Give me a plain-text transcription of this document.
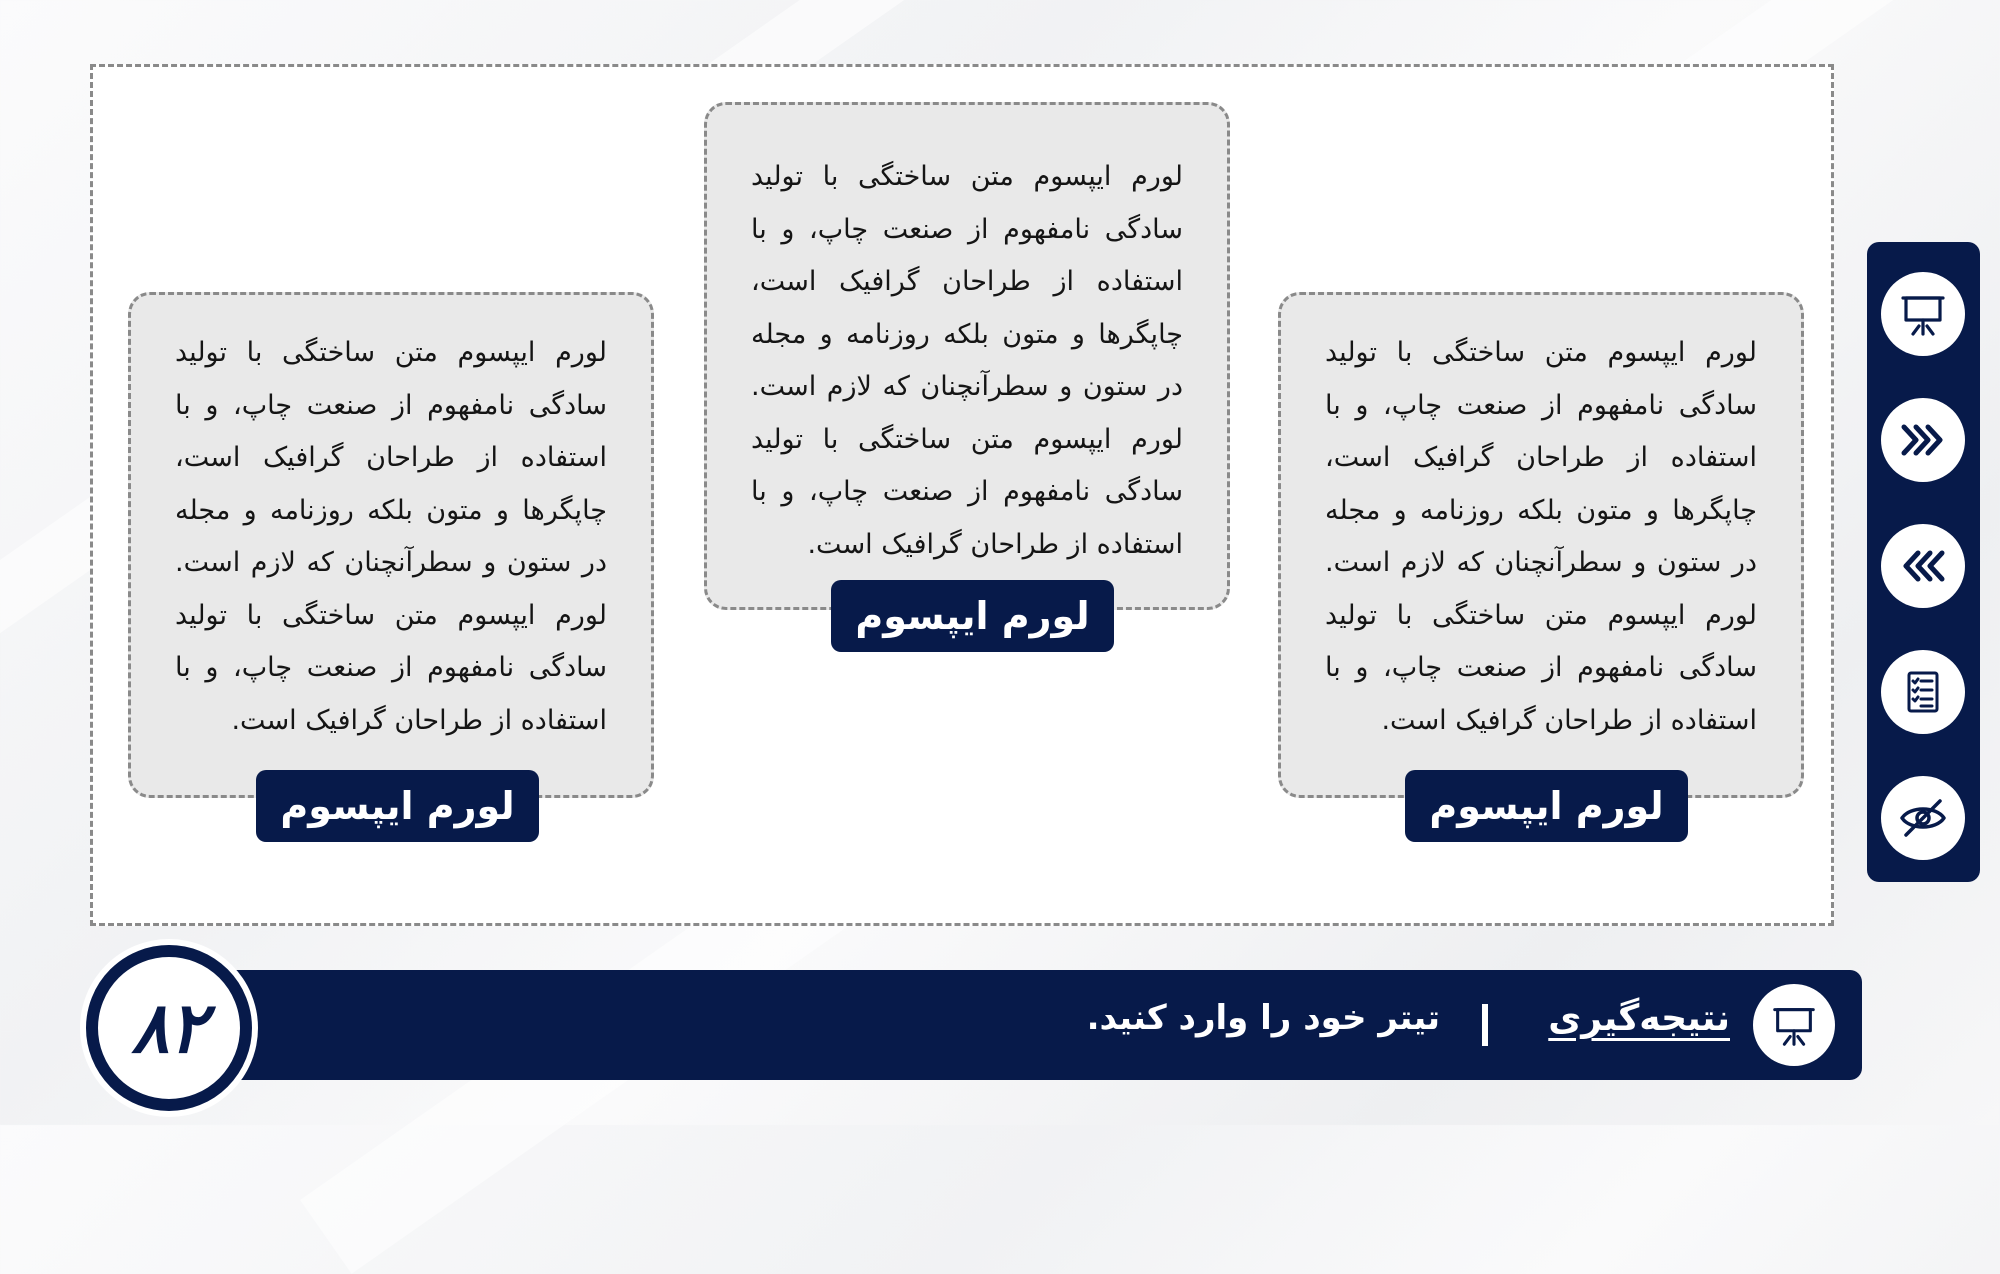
لورم ایپسوم متن ساختگی با تولید سادگی نامفهوم از صنعت چاپ، و با استفاده از طراحان گرافیک است، چاپگرها و متون بلکه روزنامه و مجله در ستون و سطرآنچنان که لازم است. لورم ایپسوم متن ساختگی با تولید سادگی نامفهوم از صنعت چاپ، و با استفاده از طراحان گرافیک است.
لورم ایپسوم
لورم ایپسوم متن ساختگی با تولید سادگی نامفهوم از صنعت چاپ، و با استفاده از طراحان گرافیک است، چاپگرها و متون بلکه روزنامه و مجله در ستون و سطرآنچنان که لازم است. لورم ایپسوم متن ساختگی با تولید سادگی نامفهوم از صنعت چاپ، و با استفاده از طراحان گرافیک است.
لورم ایپسوم
لورم ایپسوم متن ساختگی با تولید سادگی نامفهوم از صنعت چاپ، و با استفاده از طراحان گرافیک است، چاپگرها و متون بلکه روزنامه و مجله در ستون و سطرآنچنان که لازم است. لورم ایپسوم متن ساختگی با تولید سادگی نامفهوم از صنعت چاپ، و با استفاده از طراحان گرافیک است.
لورم ایپسوم
نتیجه‌گیری
تیتر خود را وارد کنید.
۸۲
